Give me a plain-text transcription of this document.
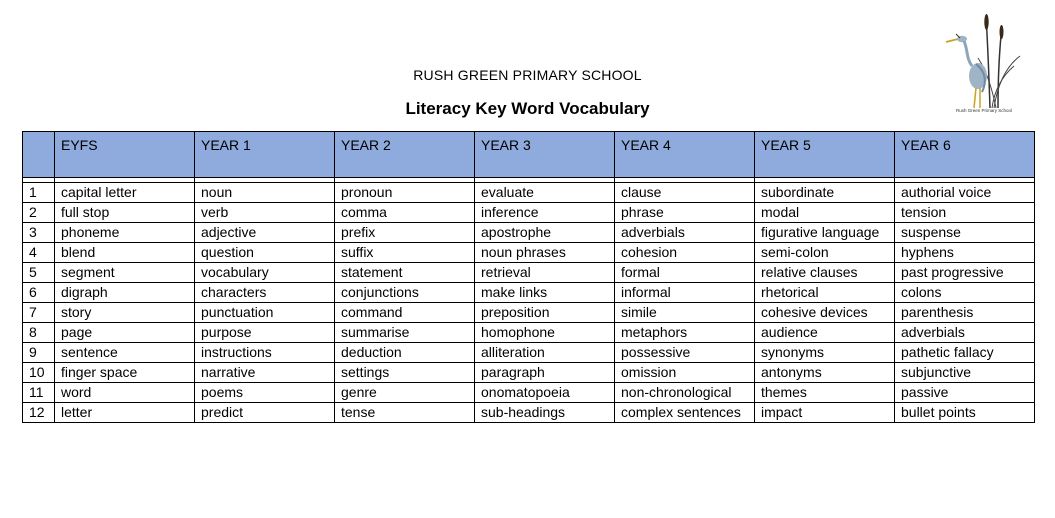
RUSH GREEN PRIMARY SCHOOL
Literacy Key Word Vocabulary	Rush Green Primary School
	EYFS	YEAR 1	YEAR 2	YEAR 3	YEAR 4	YEAR 5	YEAR 6

1	capital letter	noun	pronoun	evaluate	clause	subordinate	authorial voice
2	full stop	verb	comma	inference	phrase	modal	tension
3	phoneme	adjective	prefix	apostrophe	adverbials	figurative language	suspense
4	blend	question	suffix	noun phrases	cohesion	semi-colon	hyphens
5	segment	vocabulary	statement	retrieval	formal	relative clauses	past progressive
6	digraph	characters	conjunctions	make links	informal	rhetorical	colons
7	story	punctuation	command	preposition	simile	cohesive devices	parenthesis
8	page	purpose	summarise	homophone	metaphors	audience	adverbials
9	sentence	instructions	deduction	alliteration	possessive	synonyms	pathetic fallacy
10	finger space	narrative	settings	paragraph	omission	antonyms	subjunctive
11	word	poems	genre	onomatopoeia	non-chronological	themes	passive
12	letter	predict	tense	sub-headings	complex sentences	impact	bullet points
